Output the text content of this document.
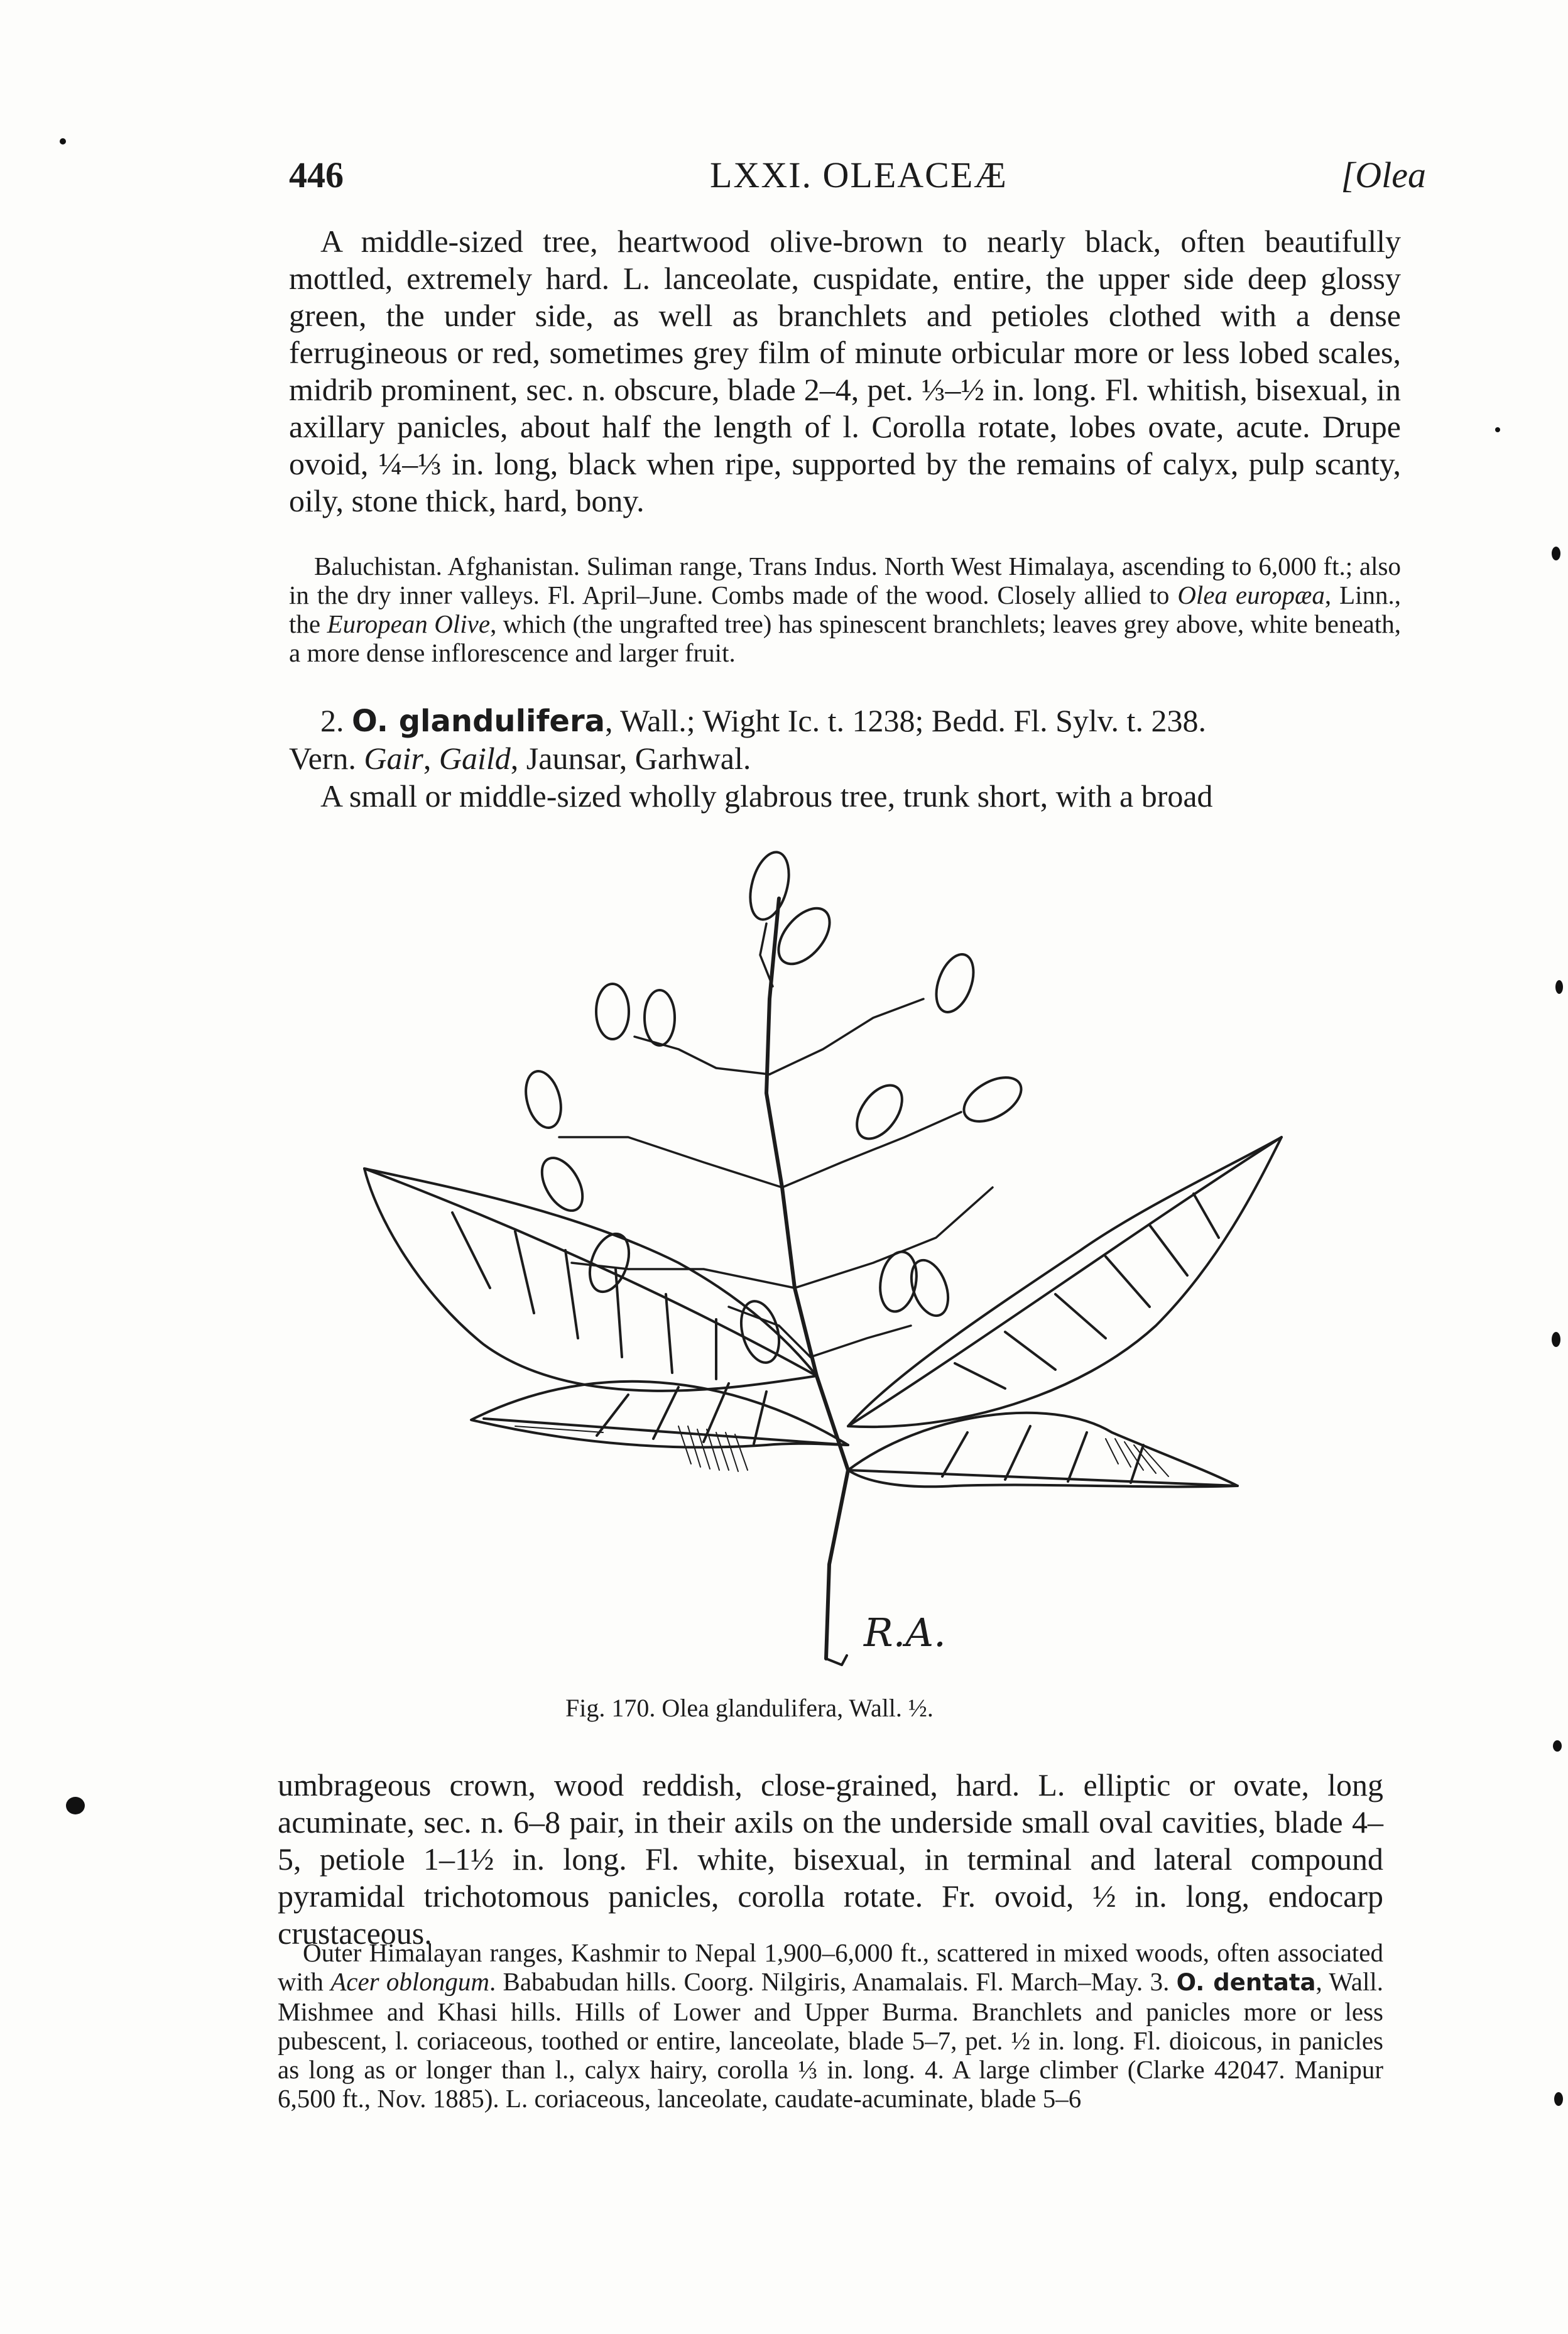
446	LXXI. OLEACEÆ	[Olea

A middle-sized tree, heartwood olive-brown to nearly black, often beautifully mottled, extremely hard. L. lanceolate, cuspidate, entire, the upper side deep glossy green, the under side, as well as branchlets and petioles clothed with a dense ferrugineous or red, sometimes grey film of minute orbicular more or less lobed scales, midrib prominent, sec. n. obscure, blade 2–4, pet. ⅓–½ in. long. Fl. whitish, bisexual, in axillary panicles, about half the length of l. Corolla rotate, lobes ovate, acute. Drupe ovoid, ¼–⅓ in. long, black when ripe, supported by the remains of calyx, pulp scanty, oily, stone thick, hard, bony.

Baluchistan. Afghanistan. Suliman range, Trans Indus. North West Himalaya, ascending to 6,000 ft.; also in the dry inner valleys. Fl. April–June. Combs made of the wood. Closely allied to Olea europæa, Linn., the European Olive, which (the ungrafted tree) has spinescent branchlets; leaves grey above, white beneath, a more dense inflorescence and larger fruit.

2. O. glandulifera, Wall.; Wight Ic. t. 1238; Bedd. Fl. Sylv. t. 238.
Vern. Gair, Gaild, Jaunsar, Garhwal.

A small or middle-sized wholly glabrous tree, trunk short, with a broad

R.A.
Fig. 170. Olea glandulifera, Wall. ½.

umbrageous crown, wood reddish, close-grained, hard. L. elliptic or ovate, long acuminate, sec. n. 6–8 pair, in their axils on the underside small oval cavities, blade 4–5, petiole 1–1½ in. long. Fl. white, bisexual, in terminal and lateral compound pyramidal trichotomous panicles, corolla rotate. Fr. ovoid, ½ in. long, endocarp crustaceous.

Outer Himalayan ranges, Kashmir to Nepal 1,900–6,000 ft., scattered in mixed woods, often associated with Acer oblongum. Bababudan hills. Coorg. Nilgiris, Anamalais. Fl. March–May. 3. O. dentata, Wall. Mishmee and Khasi hills. Hills of Lower and Upper Burma. Branchlets and panicles more or less pubescent, l. coriaceous, toothed or entire, lanceolate, blade 5–7, pet. ½ in. long. Fl. dioicous, in panicles as long as or longer than l., calyx hairy, corolla ⅓ in. long. 4. A large climber (Clarke 42047. Manipur 6,500 ft., Nov. 1885). L. coriaceous, lanceolate, caudate-acuminate, blade 5–6
